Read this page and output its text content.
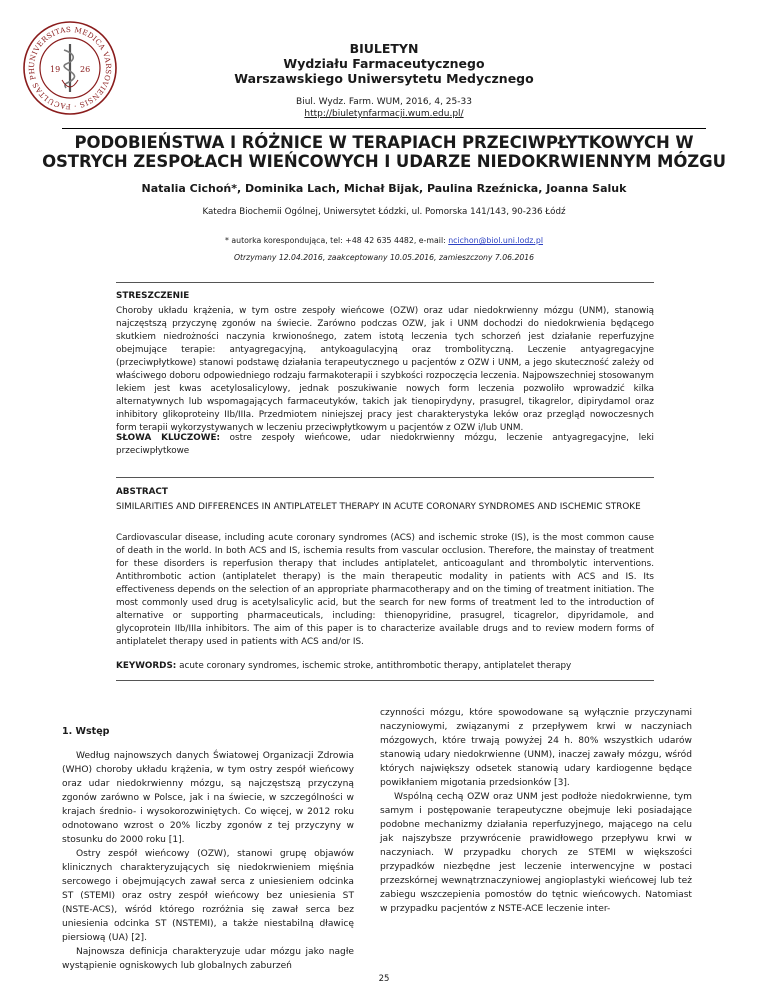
UNIVERSITAS MEDICA VARSOVIENSIS · FACULTAS PH	19 26
BIULETYN
Wydziału Farmaceutycznego
Warszawskiego Uniwersytetu Medycznego
Biul. Wydz. Farm. WUM, 2016, 4, 25-33
http://biuletynfarmacji.wum.edu.pl/
PODOBIEŃSTWA I RÓŻNICE W TERAPIACH PRZECIWPŁYTKOWYCH W
OSTRYCH ZESPOŁACH WIEŃCOWYCH I UDARZE NIEDOKRWIENNYM MÓZGU
Natalia Cichoń*, Dominika Lach, Michał Bijak, Paulina Rzeźnicka, Joanna Saluk
Katedra Biochemii Ogólnej, Uniwersytet Łódzki, ul. Pomorska 141/143, 90-236 Łódź
* autorka korespondująca, tel: +48 42 635 4482, e-mail: ncichon@biol.uni.lodz.pl
Otrzymany 12.04.2016, zaakceptowany 10.05.2016, zamieszczony 7.06.2016
STRESZCZENIE
Choroby układu krążenia, w tym ostre zespoły wieńcowe (OZW) oraz udar niedokrwienny mózgu (UNM), stanowią najczęstszą przyczynę zgonów na świecie. Zarówno podczas OZW, jak i UNM dochodzi do niedokrwienia będącego skutkiem niedrożności naczynia krwionośnego, zatem istotą leczenia tych schorzeń jest działanie reperfuzyjne obejmujące terapie: antyagregacyjną, antykoagulacyjną oraz trombolityczną. Leczenie antyagregacyjne (przeciwpłytkowe) stanowi podstawę działania terapeutycznego u pacjentów z OZW i UNM, a jego skuteczność zależy od właściwego doboru odpowiedniego rodzaju farmakoterapii i szybkości rozpoczęcia leczenia. Najpowszechniej stosowanym lekiem jest kwas acetylosalicylowy, jednak poszukiwanie nowych form leczenia pozwoliło wprowadzić kilka alternatywnych lub wspomagających farmaceutyków, takich jak tienopirydyny, prasugrel, tikagrelor, dipirydamol oraz inhibitory glikoproteiny IIb/IIIa. Przedmiotem niniejszej pracy jest charakterystyka leków oraz przegląd nowoczesnych form terapii wykorzystywanych w leczeniu przeciwpłytkowym u pacjentów z OZW i/lub UNM.
SŁOWA KLUCZOWE: ostre zespoły wieńcowe, udar niedokrwienny mózgu, leczenie antyagregacyjne, leki przeciwpłytkowe
ABSTRACT
SIMILARITIES AND DIFFERENCES IN ANTIPLATELET THERAPY IN ACUTE CORONARY SYNDROMES AND ISCHEMIC STROKE
Cardiovascular disease, including acute coronary syndromes (ACS) and ischemic stroke (IS), is the most common cause of death in the world. In both ACS and IS, ischemia results from vascular occlusion. Therefore, the mainstay of treatment for these disorders is reperfusion therapy that includes antiplatelet, anticoagulant and thrombolytic interventions. Antithrombotic action (antiplatelet therapy) is the main therapeutic modality in patients with ACS and IS. Its effectiveness depends on the selection of an appropriate pharmacotherapy and on the timing of treatment initiation. The most commonly used drug is acetylsalicylic acid, but the search for new forms of treatment led to the introduction of alternative or supporting pharmaceuticals, including: thienopyridine, prasugrel, ticagrelor, dipyridamole, and glycoprotein IIb/IIIa inhibitors. The aim of this paper is to characterize available drugs and to review modern forms of antiplatelet therapy used in patients with ACS and/or IS.
KEYWORDS: acute coronary syndromes, ischemic stroke, antithrombotic therapy, antiplatelet therapy
1. Wstęp

Według najnowszych danych Światowej Organizacji Zdrowia (WHO) choroby układu krążenia, w tym ostry zespół wieńcowy oraz udar niedokrwienny mózgu, są najczęstszą przyczyną zgonów zarówno w Polsce, jak i na świecie, w szczególności w krajach średnio- i wysokorozwiniętych. Co więcej, w 2012 roku odnotowano wzrost o 20% liczby zgonów z tej przyczyny w stosunku do 2000 roku [1].

Ostry zespół wieńcowy (OZW), stanowi grupę objawów klinicznych charakteryzujących się niedokrwieniem mięśnia sercowego i obejmujących zawał serca z uniesieniem odcinka ST (STEMI) oraz ostry zespół wieńcowy bez uniesienia ST (NSTE-ACS), wśród którego rozróżnia się zawał serca bez uniesienia odcinka ST (NSTEMI), a także niestabilną dławicę piersiową (UA) [2].

Najnowsza definicja charakteryzuje udar mózgu jako nagłe wystąpienie ogniskowych lub globalnych zaburzeń

czynności mózgu, które spowodowane są wyłącznie przyczynami naczyniowymi, związanymi z przepływem krwi w naczyniach mózgowych, które trwają powyżej 24 h. 80% wszystkich udarów stanowią udary niedokrwienne (UNM), inaczej zawały mózgu, wśród których największy odsetek stanowią udary kardiogenne będące powikłaniem migotania przedsionków [3].

Wspólną cechą OZW oraz UNM jest podłoże niedokrwienne, tym samym i postępowanie terapeutyczne obejmuje leki posiadające podobne mechanizmy działania reperfuzyjnego, mającego na celu jak najszybsze przywrócenie prawidłowego przepływu krwi w naczyniach. W przypadku chorych ze STEMI w większości przypadków niezbędne jest leczenie interwencyjne w postaci przezskórnej wewnątrznaczyniowej angioplastyki wieńcowej lub też zabiegu wszczepienia pomostów do tętnic wieńcowych. Natomiast w przypadku pacjentów z NSTE-ACE leczenie inter-

25
